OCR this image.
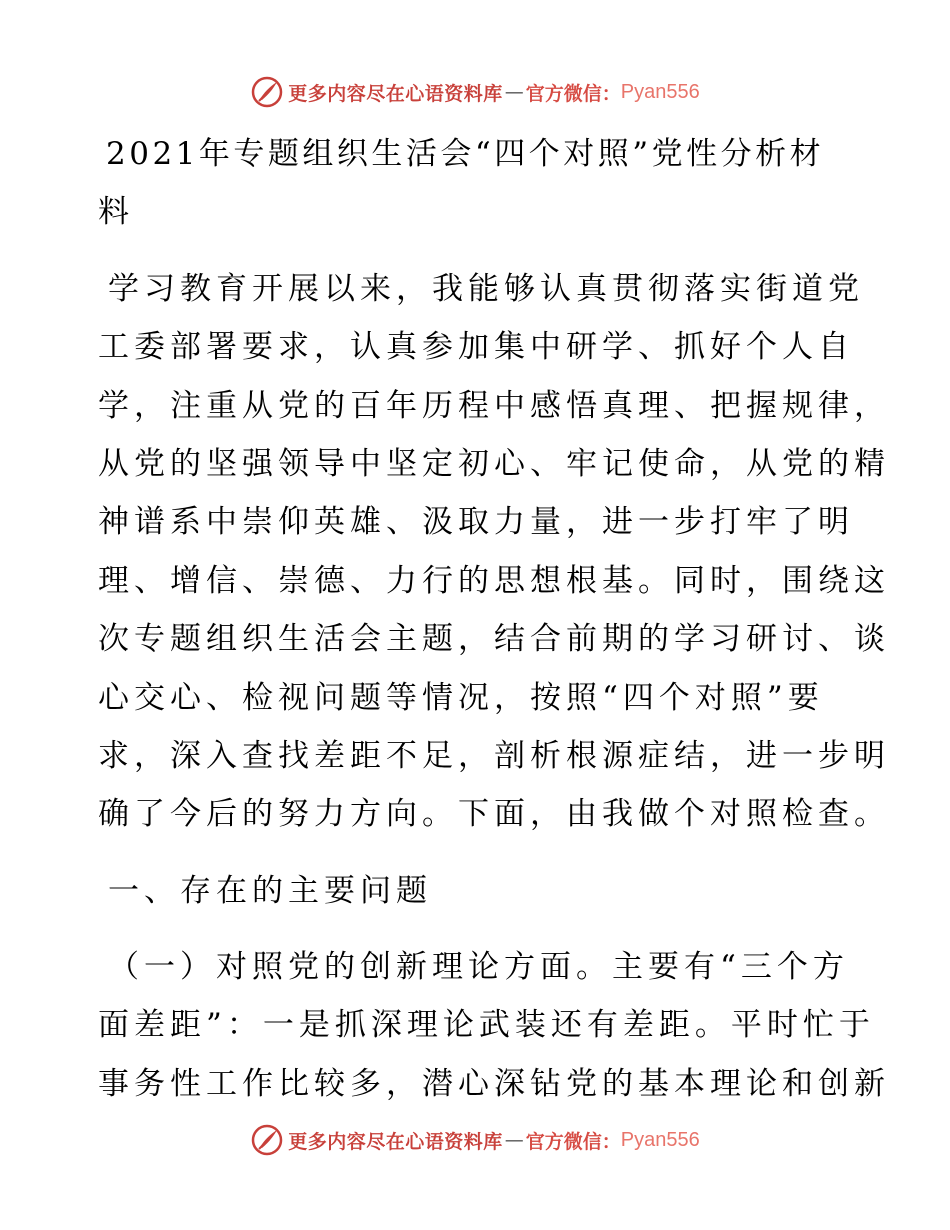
更多内容尽在心语资料库 — 官方微信： Pyan556
2021年专题组织生活会“四个对照”党性分析材
料
学习教育开展以来，我能够认真贯彻落实街道党
工委部署要求，认真参加集中研学、抓好个人自
学，注重从党的百年历程中感悟真理、把握规律，
从党的坚强领导中坚定初心、牢记使命，从党的精
神谱系中崇仰英雄、汲取力量，进一步打牢了明
理、增信、崇德、力行的思想根基。同时，围绕这
次专题组织生活会主题，结合前期的学习研讨、谈
心交心、检视问题等情况，按照“四个对照”要
求，深入查找差距不足，剖析根源症结，进一步明
确了今后的努力方向。下面，由我做个对照检查。
一、存在的主要问题
（一）对照党的创新理论方面。主要有“三个方
面差距”：一是抓深理论武装还有差距。平时忙于
事务性工作比较多，潜心深钻党的基本理论和创新
更多内容尽在心语资料库 — 官方微信： Pyan556
